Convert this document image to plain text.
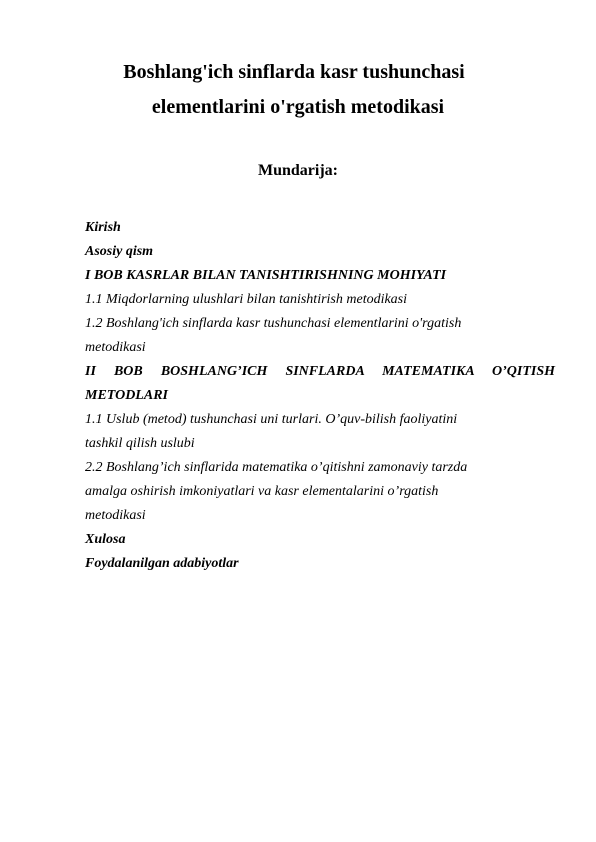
Boshlang'ich sinflarda kasr tushunchasi
elementlarini o'rgatish metodikasi
Mundarija:
Kirish
Asosiy qism
I BOB KASRLAR BILAN TANISHTIRISHNING MOHIYATI
1.1 Miqdorlarning ulushlari bilan tanishtirish metodikasi
1.2 Boshlang'ich sinflarda kasr tushunchasi elementlarini o'rgatish
metodikasi
II BOB BOSHLANG’ICH SINFLARDA MATEMATIKA O’QITISH
METODLARI
1.1 Uslub (metod) tushunchasi uni turlari. O’quv-bilish faoliyatini
tashkil qilish uslubi
2.2 Boshlang’ich sinflarida matematika o’qitishni zamonaviy tarzda
amalga oshirish imkoniyatlari va kasr elementalarini o’rgatish
metodikasi
Xulosa
Foydalanilgan adabiyotlar
